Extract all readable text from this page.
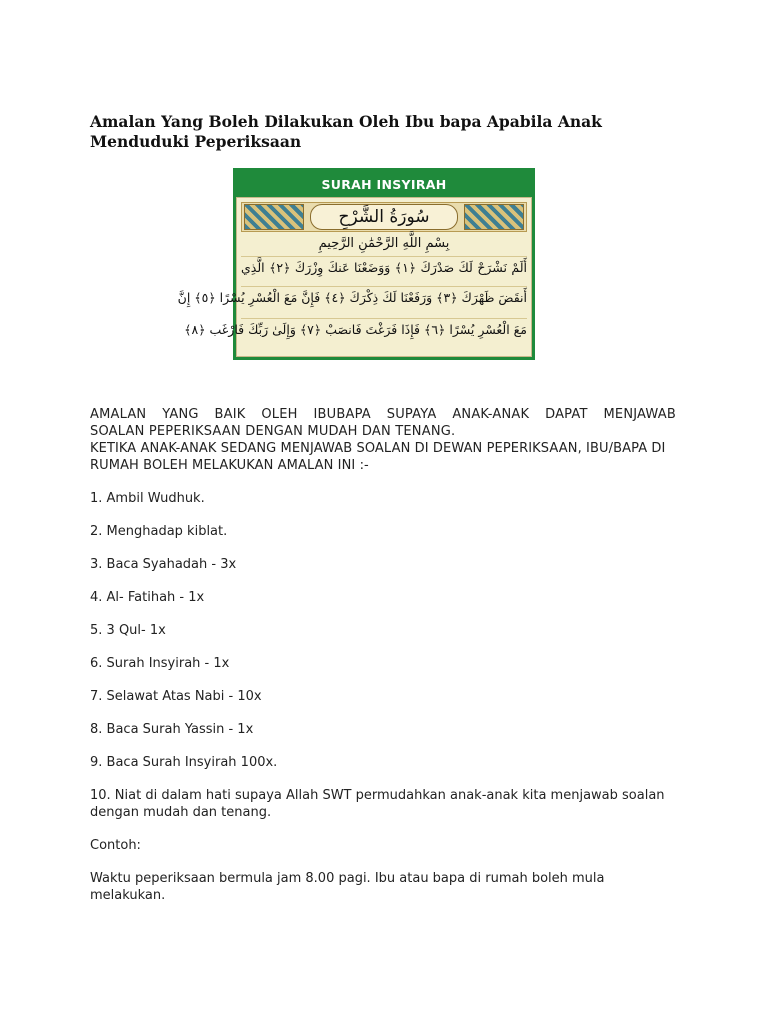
Amalan Yang Boleh Dilakukan Oleh Ibu bapa Apabila Anak Menduduki Peperiksaan
SURAH INSYIRAH
سُورَةُ الشَّرْحِ
بِسْمِ اللَّهِ الرَّحْمَٰنِ الرَّحِيمِ
أَلَمْ نَشْرَحْ لَكَ صَدْرَكَ ﴿١﴾ وَوَضَعْنَا عَنكَ وِزْرَكَ ﴿٢﴾ الَّذِي
أَنقَضَ ظَهْرَكَ ﴿٣﴾ وَرَفَعْنَا لَكَ ذِكْرَكَ ﴿٤﴾ فَإِنَّ مَعَ الْعُسْرِ يُسْرًا ﴿٥﴾ إِنَّ
مَعَ الْعُسْرِ يُسْرًا ﴿٦﴾ فَإِذَا فَرَغْتَ فَانصَبْ ﴿٧﴾ وَإِلَىٰ رَبِّكَ فَارْغَب ﴿٨﴾

AMALAN YANG BAIK OLEH IBUBAPA SUPAYA ANAK-ANAK DAPAT MENJAWAB

SOALAN PEPERIKSAAN DENGAN MUDAH DAN TENANG.

KETIKA ANAK-ANAK SEDANG MENJAWAB SOALAN DI DEWAN PEPERIKSAAN, IBU/BAPA DI RUMAH BOLEH MELAKUKAN AMALAN INI :-

1. Ambil Wudhuk.

2. Menghadap kiblat.

3. Baca Syahadah - 3x

4. Al- Fatihah - 1x

5. 3 Qul- 1x

6. Surah Insyirah - 1x

7. Selawat Atas Nabi - 10x

8. Baca Surah Yassin - 1x

9. Baca Surah Insyirah 100x.

10. Niat di dalam hati supaya Allah SWT permudahkan anak-anak kita menjawab soalan dengan mudah dan tenang.

Contoh:

Waktu peperiksaan bermula jam 8.00 pagi. Ibu atau bapa di rumah boleh mula melakukan.
